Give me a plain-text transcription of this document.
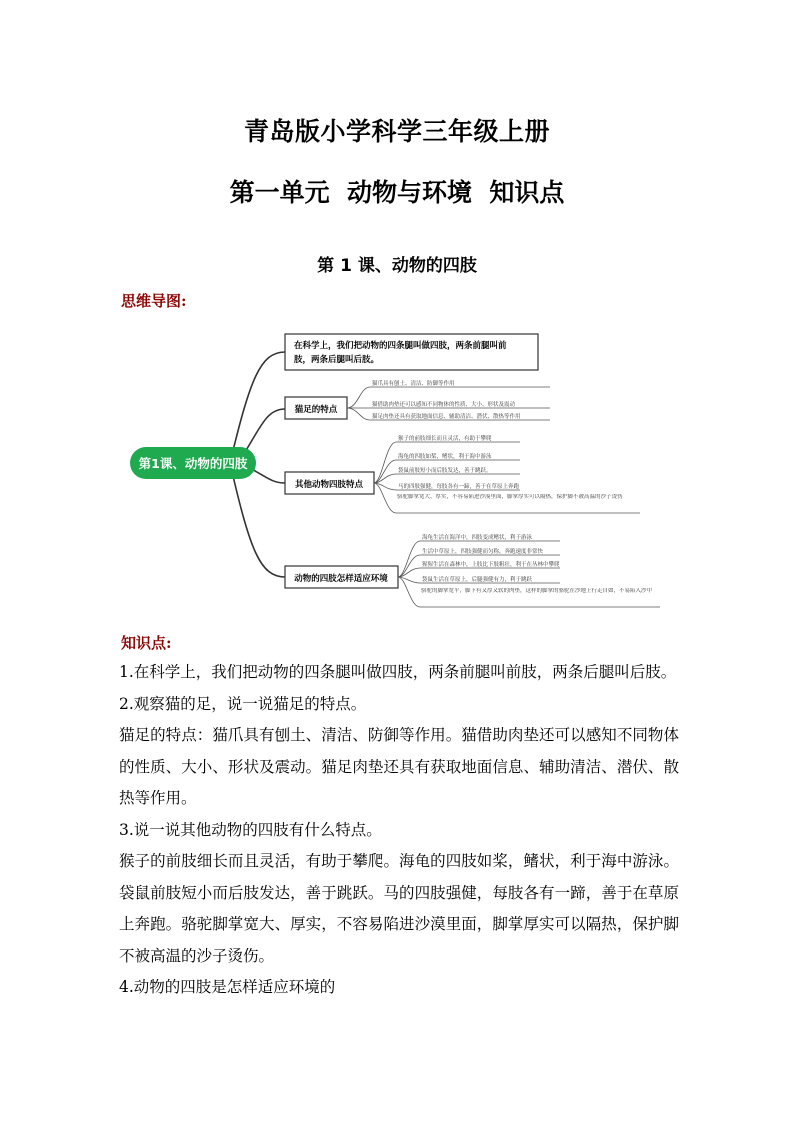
青岛版小学科学三年级上册
第一单元  动物与环境  知识点
第 1 课、动物的四肢
思维导图:
第1课、动物的四肢
在科学上，我们把动物的四条腿叫做四肢，两条前腿叫前
肢，两条后腿叫后肢。
猫足的特点
猫爪具有刨土、清洁、防御等作用
猫借助肉垫还可以感知不同物体的性质、大小、形状及震动
猫足肉垫还具有获取地面信息、辅助清洁、潜伏、散热等作用
其他动物四肢特点
猴子的前肢细长而且灵活，有助于攀爬
海龟的四肢如桨，鳍状，利于海中游泳
袋鼠前肢短小而后肢发达，善于跳跃。
马的四肢强健，每肢各有一蹄，善于在草原上奔跑
骆驼脚掌宽大、厚实，不容易陷进沙漠里面，脚掌厚实可以隔热，保护脚不被高温的沙子烫伤
动物的四肢怎样适应环境
海龟生活在海洋中，四肢变成鳍状，利于游泳
生活中草原上，四肢强健而匀称，奔跑速度非常快
猩猩生活在森林中，上肢比下肢粗壮，利于在丛林中攀爬
袋鼠生活在草原上，后腿强健有力，利于跳跃
骆驼的脚掌宽平，脚下有又厚又软的肉垫，这样的脚掌的骆驼在沙地上行走自如，不易陷入沙中
知识点:

1.在科学上，我们把动物的四条腿叫做四肢，两条前腿叫前肢，两条后腿叫后肢。

2.观察猫的足，说一说猫足的特点。

猫足的特点：猫爪具有刨土、清洁、防御等作用。猫借助肉垫还可以感知不同物体的性质、大小、形状及震动。猫足肉垫还具有获取地面信息、辅助清洁、潜伏、散热等作用。

3.说一说其他动物的四肢有什么特点。

猴子的前肢细长而且灵活，有助于攀爬。海龟的四肢如桨，鳍状，利于海中游泳。袋鼠前肢短小而后肢发达，善于跳跃。马的四肢强健，每肢各有一蹄，善于在草原上奔跑。骆驼脚掌宽大、厚实，不容易陷进沙漠里面，脚掌厚实可以隔热，保护脚不被高温的沙子烫伤。

4.动物的四肢是怎样适应环境的
